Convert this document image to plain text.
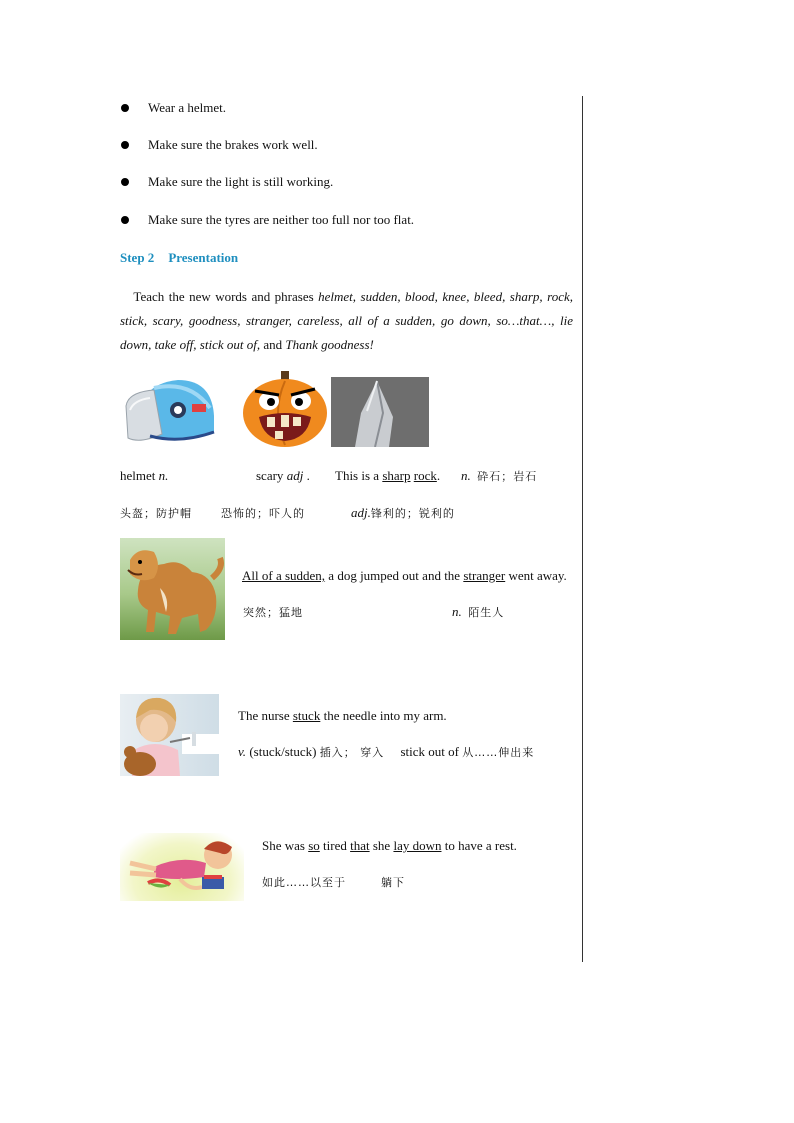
Wear a helmet.
Make sure the brakes work well.
Make sure the light is still working.
Make sure the tyres are neither too full nor too flat.
Step 2 Presentation
Teach the new words and phrases helmet, sudden, blood, knee, bleed, sharp, rock, stick, scary, goodness, stranger, careless, all of a sudden, go down, so…that…, lie down, take off, stick out of, and Thank goodness!
helmet n.	scary adj . This is a sharp rock. n. 砕石；岩石
头盔；防护帽	恐怖的；吓人的	adj.锋利的；锐利的
All of a sudden, a dog jumped out and the stranger went away.
突然；猛地	n. 陌生人
The nurse stuck the needle into my arm.
v. (stuck/stuck) 插入； 穿入 stick out of 从……伸出来
She was so tired that she lay down to have a rest.
如此……以至于	躺下
